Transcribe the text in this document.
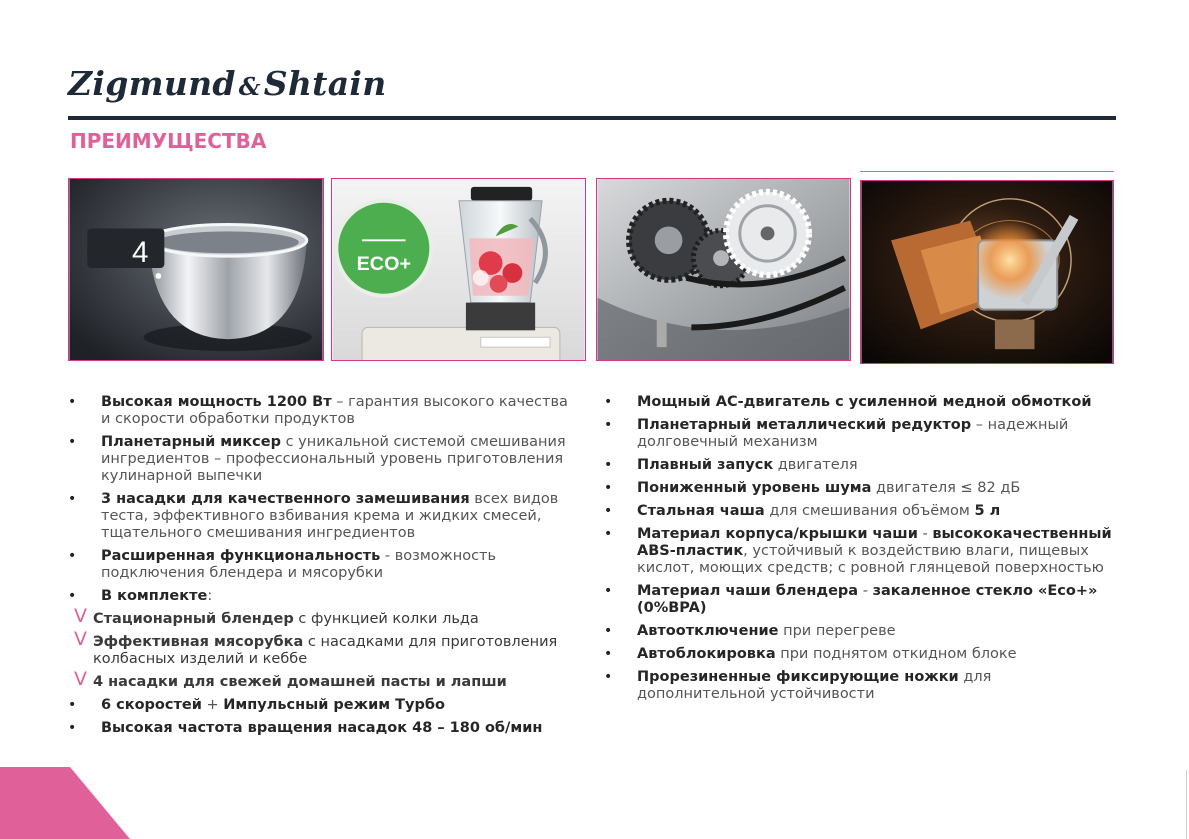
Zigmund &Shtain
ПРЕИМУЩЕСТВА
4	ECO+
• Высокая мощность 1200 Вт – гарантия высокого качества и скорости обработки продуктов
• Планетарный миксер с уникальной системой смешивания ингредиентов – профессиональный уровень приготовления кулинарной выпечки
• 3 насадки для качественного замешивания всех видов теста, эффективного взбивания крема и жидких смесей, тщательного смешивания ингредиентов
• Расширенная функциональность - возможность подключения блендера и мясорубки
• В комплекте:
V Стационарный блендер с функцией колки льда
V Эффективная мясорубка с насадками для приготовления колбасных изделий и кеббе
V 4 насадки для свежей домашней пасты и лапши
• 6 скоростей + Импульсный режим Турбо
• Высокая частота вращения насадок 48 – 180 об/мин
• Мощный АС-двигатель с усиленной медной обмоткой
• Планетарный металлический редуктор – надежный долговечный механизм
• Плавный запуск двигателя
• Пониженный уровень шума двигателя ≤ 82 дБ
• Стальная чаша для смешивания объёмом 5 л
• Материал корпуса/крышки чаши - высококачественный ABS-пластик, устойчивый к воздействию влаги, пищевых кислот, моющих средств; с ровной глянцевой поверхностью
• Материал чаши блендера - закаленное стекло «Eco+» (0%BPA)
• Автоотключение при перегреве
• Автоблокировка при поднятом откидном блоке
• Прорезиненные фиксирующие ножки для дополнительной устойчивости
